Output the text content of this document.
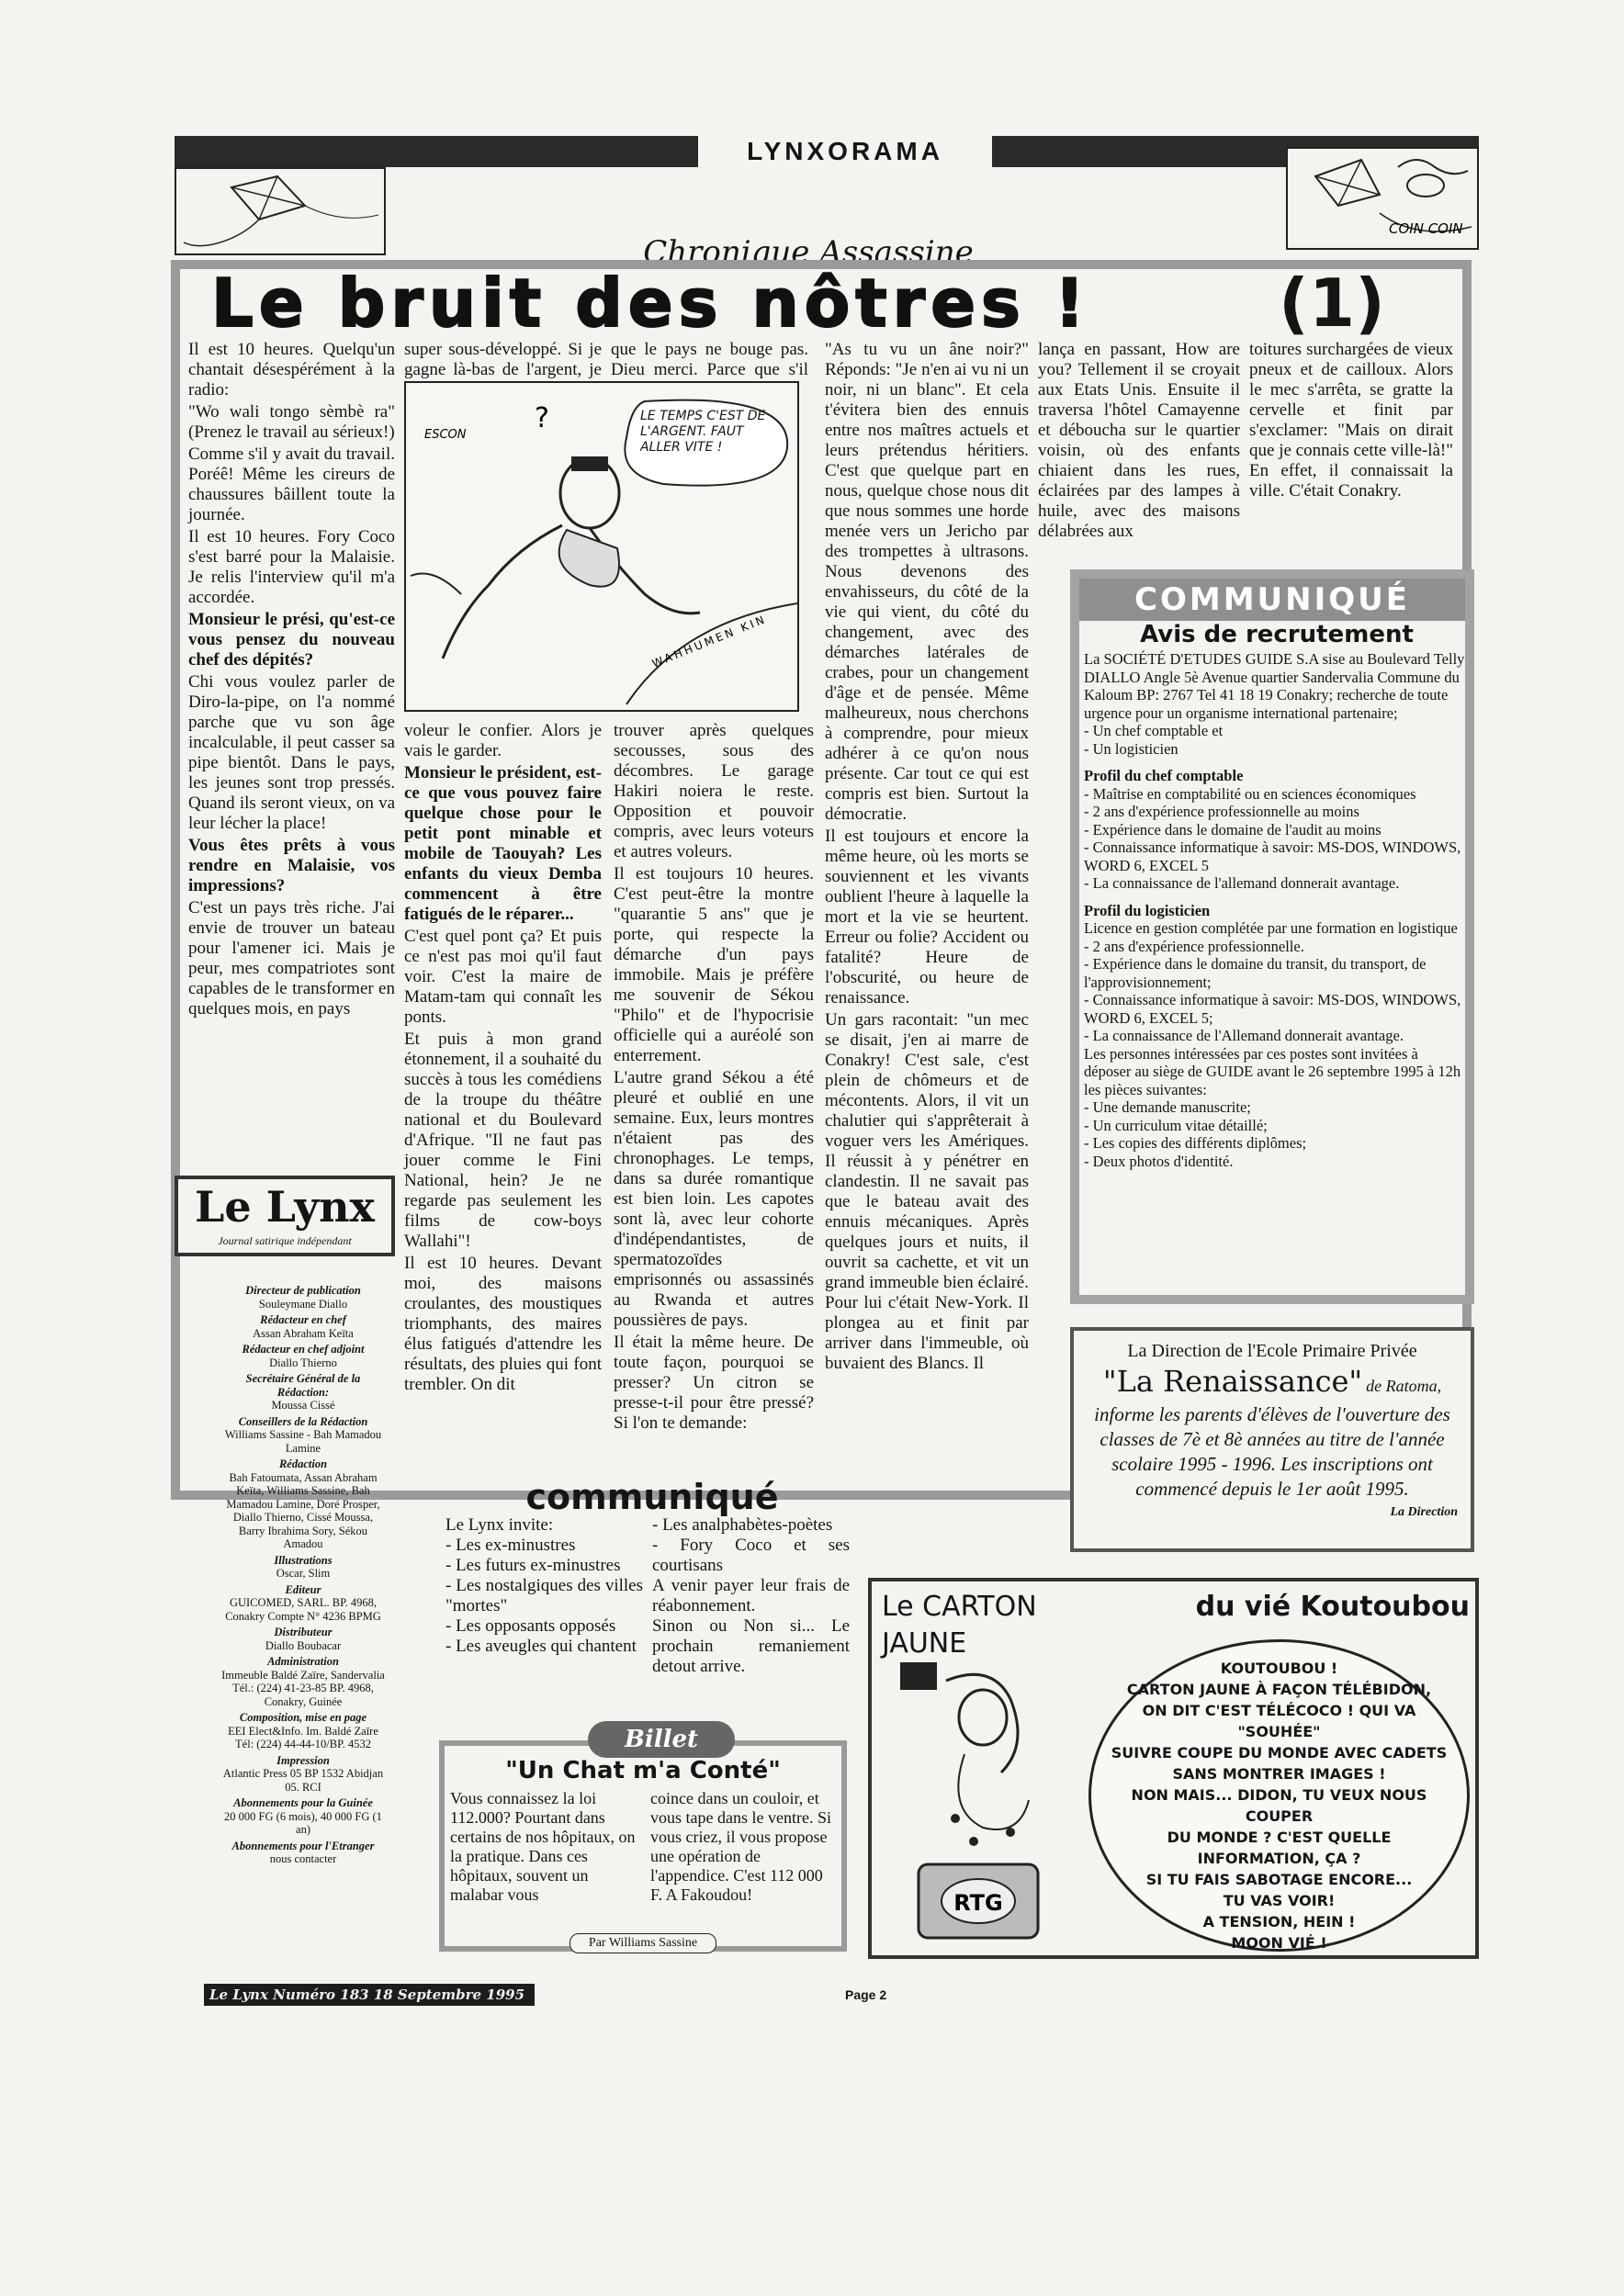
LYNXORAMA
COIN COIN
Chronique Assassine
Le bruit des nôtres !	(1)

Il est 10 heures. Quelqu'un chantait désespérément à la radio:

"Wo wali tongo sèmbè ra" (Prenez le travail au sérieux!)

Comme s'il y avait du travail. Poréê! Même les cireurs de chaussures bâillent toute la journée.

Il est 10 heures. Fory Coco s'est barré pour la Malaisie. Je relis l'interview qu'il m'a accordée.

Monsieur le prési, qu'est-ce vous pensez du nouveau chef des dépités?

Chi vous voulez parler de Diro-la-pipe, on l'a nommé parche que vu son âge incalculable, il peut casser sa pipe bientôt. Dans le pays, les jeunes sont trop pressés. Quand ils seront vieux, on va leur lécher la place!

Vous êtes prêts à vous rendre en Malaisie, vos impressions?

C'est un pays très riche. J'ai envie de trouver un bateau pour l'amener ici. Mais je peur, mes compatriotes sont capables de le transformer en quelques mois, en pays

super sous-développé. Si je gagne là-bas de l'argent, je
que le pays ne bouge pas. Dieu merci. Parce que s'il
ESCON
LE TEMPS C'EST DE L'ARGENT. FAUT ALLER VITE !
?
WAHHUMEN KIN

voleur le confier. Alors je vais le garder.

Monsieur le président, est-ce que vous pouvez faire quelque chose pour le petit pont minable et mobile de Taouyah? Les enfants du vieux Demba commencent à être fatigués de le réparer...

C'est quel pont ça? Et puis ce n'est pas moi qu'il faut voir. C'est la maire de Matam-tam qui connaît les ponts.

Et puis à mon grand étonnement, il a souhaité du succès à tous les comédiens de la troupe du théâtre national et du Boulevard d'Afrique. "Il ne faut pas jouer comme le Fini National, hein? Je ne regarde pas seulement les films de cow-boys Wallahi"!

Il est 10 heures. Devant moi, des maisons croulantes, des moustiques triomphants, des maires élus fatigués d'attendre les résultats, des pluies qui font trembler. On dit

trouver après quelques secousses, sous des décombres. Le garage Hakiri noiera le reste. Opposition et pouvoir compris, avec leurs voteurs et autres voleurs.

Il est toujours 10 heures. C'est peut-être la montre "quarantie 5 ans" que je porte, qui respecte la démarche d'un pays immobile. Mais je préfère me souvenir de Sékou "Philo" et de l'hypocrisie officielle qui a auréolé son enterrement.

L'autre grand Sékou a été pleuré et oublié en une semaine. Eux, leurs montres n'étaient pas des chronophages. Le temps, dans sa durée romantique est bien loin. Les capotes sont là, avec leur cohorte d'indépendantistes, de spermatozoïdes emprisonnés ou assassinés au Rwanda et autres poussières de pays.

Il était la même heure. De toute façon, pourquoi se presser? Un citron se presse-t-il pour être pressé? Si l'on te demande:

"As tu vu un âne noir?" Réponds: "Je n'en ai vu ni un noir, ni un blanc". Et cela t'évitera bien des ennuis entre nos maîtres actuels et leurs prétendus héritiers. C'est que quelque part en nous, quelque chose nous dit que nous sommes une horde menée vers un Jericho par des trompettes à ultrasons. Nous devenons des envahisseurs, du côté de la vie qui vient, du côté du changement, avec des démarches latérales de crabes, pour un changement d'âge et de pensée. Même malheureux, nous cherchons à comprendre, pour mieux adhérer à ce qu'on nous présente. Car tout ce qui est compris est bien. Surtout la démocratie.

Il est toujours et encore la même heure, où les morts se souviennent et les vivants oublient l'heure à laquelle la mort et la vie se heurtent. Erreur ou folie? Accident ou fatalité? Heure de l'obscurité, ou heure de renaissance.

Un gars racontait: "un mec se disait, j'en ai marre de Conakry! C'est sale, c'est plein de chômeurs et de mécontents. Alors, il vit un chalutier qui s'apprêterait à voguer vers les Amériques. Il réussit à y pénétrer en clandestin. Il ne savait pas que le bateau avait des ennuis mécaniques. Après quelques jours et nuits, il ouvrit sa cachette, et vit un grand immeuble bien éclairé. Pour lui c'était New-York. Il plongea au et finit par arriver dans l'immeuble, où buvaient des Blancs. Il

lança en passant, How are you? Tellement il se croyait aux Etats Unis. Ensuite il traversa l'hôtel Camayenne et déboucha sur le quartier voisin, où des enfants chiaient dans les rues, éclairées par des lampes à huile, avec des maisons délabrées aux
toitures surchargées de vieux pneux et de cailloux. Alors le mec s'arrêta, se gratte la cervelle et finit par s'exclamer: "Mais on dirait que je connais cette ville-là!" En effet, il connaissait la ville. C'était Conakry.
COMMUNIQUÉ
Avis de recrutement
La SOCIÉTÉ D'ETUDES GUIDE S.A sise au Boulevard Telly DIALLO Angle 5è Avenue quartier Sandervalia Commune du Kaloum BP: 2767 Tel 41 18 19 Conakry; recherche de toute urgence pour un organisme international partenaire;
- Un chef comptable et
- Un logisticien
Profil du chef comptable
- Maîtrise en comptabilité ou en sciences économiques
- 2 ans d'expérience professionnelle au moins
- Expérience dans le domaine de l'audit au moins
- Connaissance informatique à savoir: MS-DOS, WINDOWS, WORD 6, EXCEL 5
- La connaissance de l'allemand donnerait avantage.
Profil du logisticien
Licence en gestion complétée par une formation en logistique
- 2 ans d'expérience professionnelle.
- Expérience dans le domaine du transit, du transport, de l'approvisionnement;
- Connaissance informatique à savoir: MS-DOS, WINDOWS, WORD 6, EXCEL 5;
- La connaissance de l'Allemand donnerait avantage.
Les personnes intéressées par ces postes sont invitées à déposer au siège de GUIDE avant le 26 septembre 1995 à 12h les pièces suivantes:
- Une demande manuscrite;
- Un curriculum vitae détaillé;
- Les copies des différents diplômes;
- Deux photos d'identité.
La Direction de l'Ecole Primaire Privée
"La Renaissance" de Ratoma,
informe les parents d'élèves de l'ouverture des classes de 7è et 8è années au titre de l'année scolaire 1995 - 1996. Les inscriptions ont commencé depuis le 1er août 1995.
La Direction
Le Lynx
Journal satirique indépendant
Directeur de publication
Souleymane Diallo
Rédacteur en chef
Assan Abraham Keïta
Rédacteur en chef adjoint
Diallo Thierno
Secrétaire Général de la Rédaction:
Moussa Cissé
Conseillers de la Rédaction
Williams Sassine - Bah Mamadou Lamine
Rédaction
Bah Fatoumata, Assan Abraham Keïta, Williams Sassine, Bah Mamadou Lamine, Doré Prosper, Diallo Thierno, Cissé Moussa, Barry Ibrahima Sory, Sékou Amadou
Illustrations
Oscar, Slim
Editeur
GUICOMED, SARL. BP. 4968, Conakry Compte N° 4236 BPMG
Distributeur
Diallo Boubacar
Administration
Immeuble Baldé Zaïre, Sandervalia Tél.: (224) 41-23-85 BP. 4968, Conakry, Guinée
Composition, mise en page
EEI Elect&Info. Im. Baldé Zaïre Tél: (224) 44-44-10/BP. 4532
Impression
Atlantic Press 05 BP 1532 Abidjan 05. RCI
Abonnements pour la Guinée
20 000 FG (6 mois), 40 000 FG (1 an)
Abonnements pour l'Etranger
nous contacter
communiqué
Le Lynx invite:
- Les ex-minustres
- Les futurs ex-minustres
- Les nostalgiques des villes "mortes"
- Les opposants opposés
- Les aveugles qui chantent
- Les analphabètes-poètes
- Fory Coco et ses courtisans
A venir payer leur frais de réabonnement.
Sinon ou Non si... Le prochain remaniement detout arrive.
Billet
"Un Chat m'a Conté"
Vous connaissez la loi 112.000? Pourtant dans certains de nos hôpitaux, on la pratique. Dans ces hôpitaux, souvent un malabar vous
coince dans un couloir, et vous tape dans le ventre. Si vous criez, il vous propose une opération de l'appendice. C'est 112 000 F. A Fakoudou!
Par Williams Sassine
Le CARTON JAUNE
du vié Koutoubou
RTG
KOUTOUBOU !
CARTON JAUNE À FAÇON TÉLÉBIDON,
ON DIT C'EST TÉLÉCOCO ! QUI VA "SOUHÉE"
SUIVRE COUPE DU MONDE AVEC CADETS
SANS MONTRER IMAGES !
NON MAIS... DIDON, TU VEUX NOUS COUPER
DU MONDE ? C'EST QUELLE INFORMATION, ÇA ?
SI TU FAIS SABOTAGE ENCORE...
TU VAS VOIR!
A TENSION, HEIN !
MOON VIÉ !
Le Lynx Numéro 183 18 Septembre 1995	Page 2
